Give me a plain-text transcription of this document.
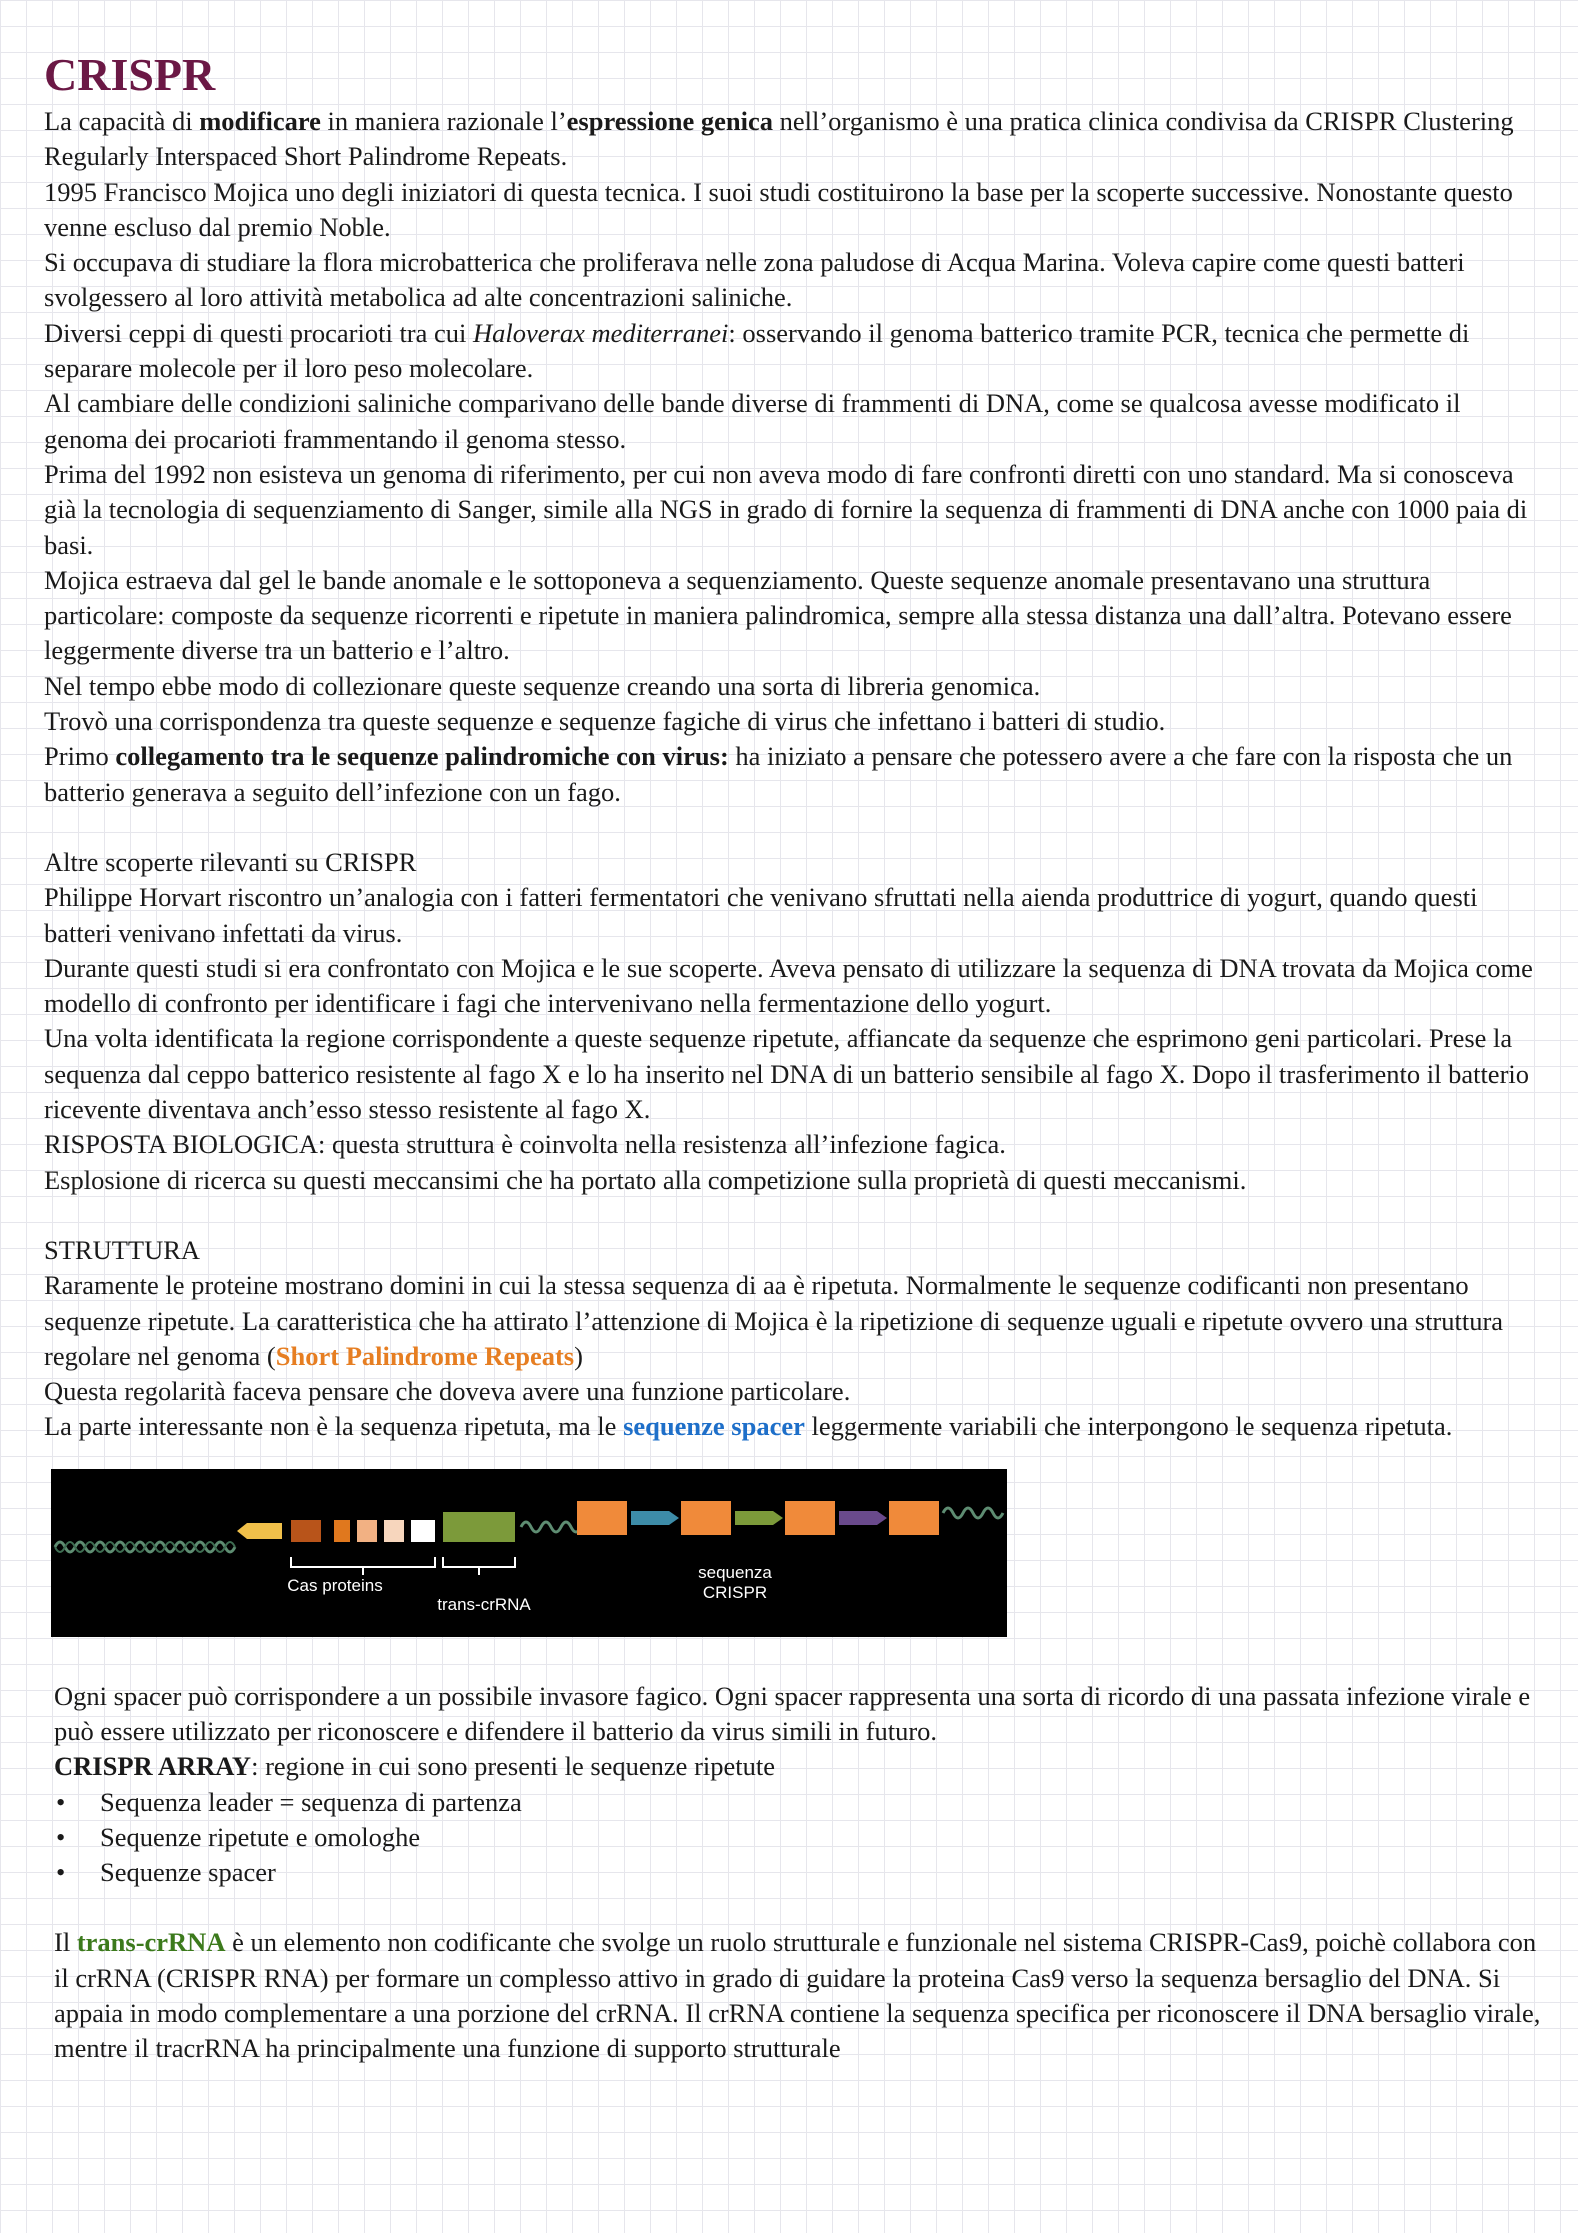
CRISPR

La capacità di modificare in maniera razionale l’espressione genica nell’organismo è una pratica clinica condivisa da CRISPR Clustering Regularly Interspaced Short Palindrome Repeats.

1995 Francisco Mojica uno degli iniziatori di questa tecnica. I suoi studi costituirono la base per la scoperte successive. Nonostante questo venne escluso dal premio Noble.

Si occupava di studiare la flora microbatterica che proliferava nelle zona paludose di Acqua Marina. Voleva capire come questi batteri svolgessero al loro attività metabolica ad alte concentrazioni saliniche.

Diversi ceppi di questi procarioti tra cui Haloverax mediterranei: osservando il genoma batterico tramite PCR, tecnica che permette di separare molecole per il loro peso molecolare.

Al cambiare delle condizioni saliniche comparivano delle bande diverse di frammenti di DNA, come se qualcosa avesse modificato il genoma dei procarioti frammentando il genoma stesso.

Prima del 1992 non esisteva un genoma di riferimento, per cui non aveva modo di fare confronti diretti con uno standard. Ma si conosceva già la tecnologia di sequenziamento di Sanger, simile alla NGS in grado di fornire la sequenza di frammenti di DNA anche con 1000 paia di basi.

Mojica estraeva dal gel le bande anomale e le sottoponeva a sequenziamento. Queste sequenze anomale presentavano una struttura particolare: composte da sequenze ricorrenti e ripetute in maniera palindromica, sempre alla stessa distanza una dall’altra. Potevano essere leggermente diverse tra un batterio e l’altro.

Nel tempo ebbe modo di collezionare queste sequenze creando una sorta di libreria genomica.

Trovò una corrispondenza tra queste sequenze e sequenze fagiche di virus che infettano i batteri di studio.

Primo collegamento tra le sequenze palindromiche con virus: ha iniziato a pensare che potessero avere a che fare con la risposta che un batterio generava a seguito dell’infezione con un fago.

Altre scoperte rilevanti su CRISPR

Philippe Horvart riscontro un’analogia con i fatteri fermentatori che venivano sfruttati nella aienda produttrice di yogurt, quando questi batteri venivano infettati da virus.

Durante questi studi si era confrontato con Mojica e le sue scoperte. Aveva pensato di utilizzare la sequenza di DNA trovata da Mojica come modello di confronto per identificare i fagi che intervenivano nella fermentazione dello yogurt.

Una volta identificata la regione corrispondente a queste sequenze ripetute, affiancate da sequenze che esprimono geni particolari. Prese la sequenza dal ceppo batterico resistente al fago X e lo ha inserito nel DNA di un batterio sensibile al fago X. Dopo il trasferimento il batterio ricevente diventava anch’esso stesso resistente al fago X.

RISPOSTA BIOLOGICA: questa struttura è coinvolta nella resistenza all’infezione fagica.

Esplosione di ricerca su questi meccansimi che ha portato alla competizione sulla proprietà di questi meccanismi.

STRUTTURA

Raramente le proteine mostrano domini in cui la stessa sequenza di aa è ripetuta. Normalmente le sequenze codificanti non presentano sequenze ripetute. La caratteristica che ha attirato l’attenzione di Mojica è la ripetizione di sequenze uguali e ripetute ovvero una struttura regolare nel genoma (Short Palindrome Repeats)

Questa regolarità faceva pensare che doveva avere una funzione particolare.

La parte interessante non è la sequenza ripetuta, ma le sequenze spacer leggermente variabili che interpongono le sequenza ripetuta.

Cas proteins
trans-crRNA
sequenza
CRISPR

Ogni spacer può corrispondere a un possibile invasore fagico. Ogni spacer rappresenta una sorta di ricordo di una passata infezione virale e può essere utilizzato per riconoscere e difendere il batterio da virus simili in futuro.

CRISPR ARRAY: regione in cui sono presenti le sequenze ripetute

• Sequenza leader = sequenza di partenza
• Sequenze ripetute e omologhe
• Sequenze spacer

Il trans-crRNA è un elemento non codificante che svolge un ruolo strutturale e funzionale nel sistema CRISPR-Cas9, poichè collabora con il crRNA (CRISPR RNA) per formare un complesso attivo in grado di guidare la proteina Cas9 verso la sequenza bersaglio del DNA. Si appaia in modo complementare a una porzione del crRNA. Il crRNA contiene la sequenza specifica per riconoscere il DNA bersaglio virale, mentre il tracrRNA ha principalmente una funzione di supporto strutturale
